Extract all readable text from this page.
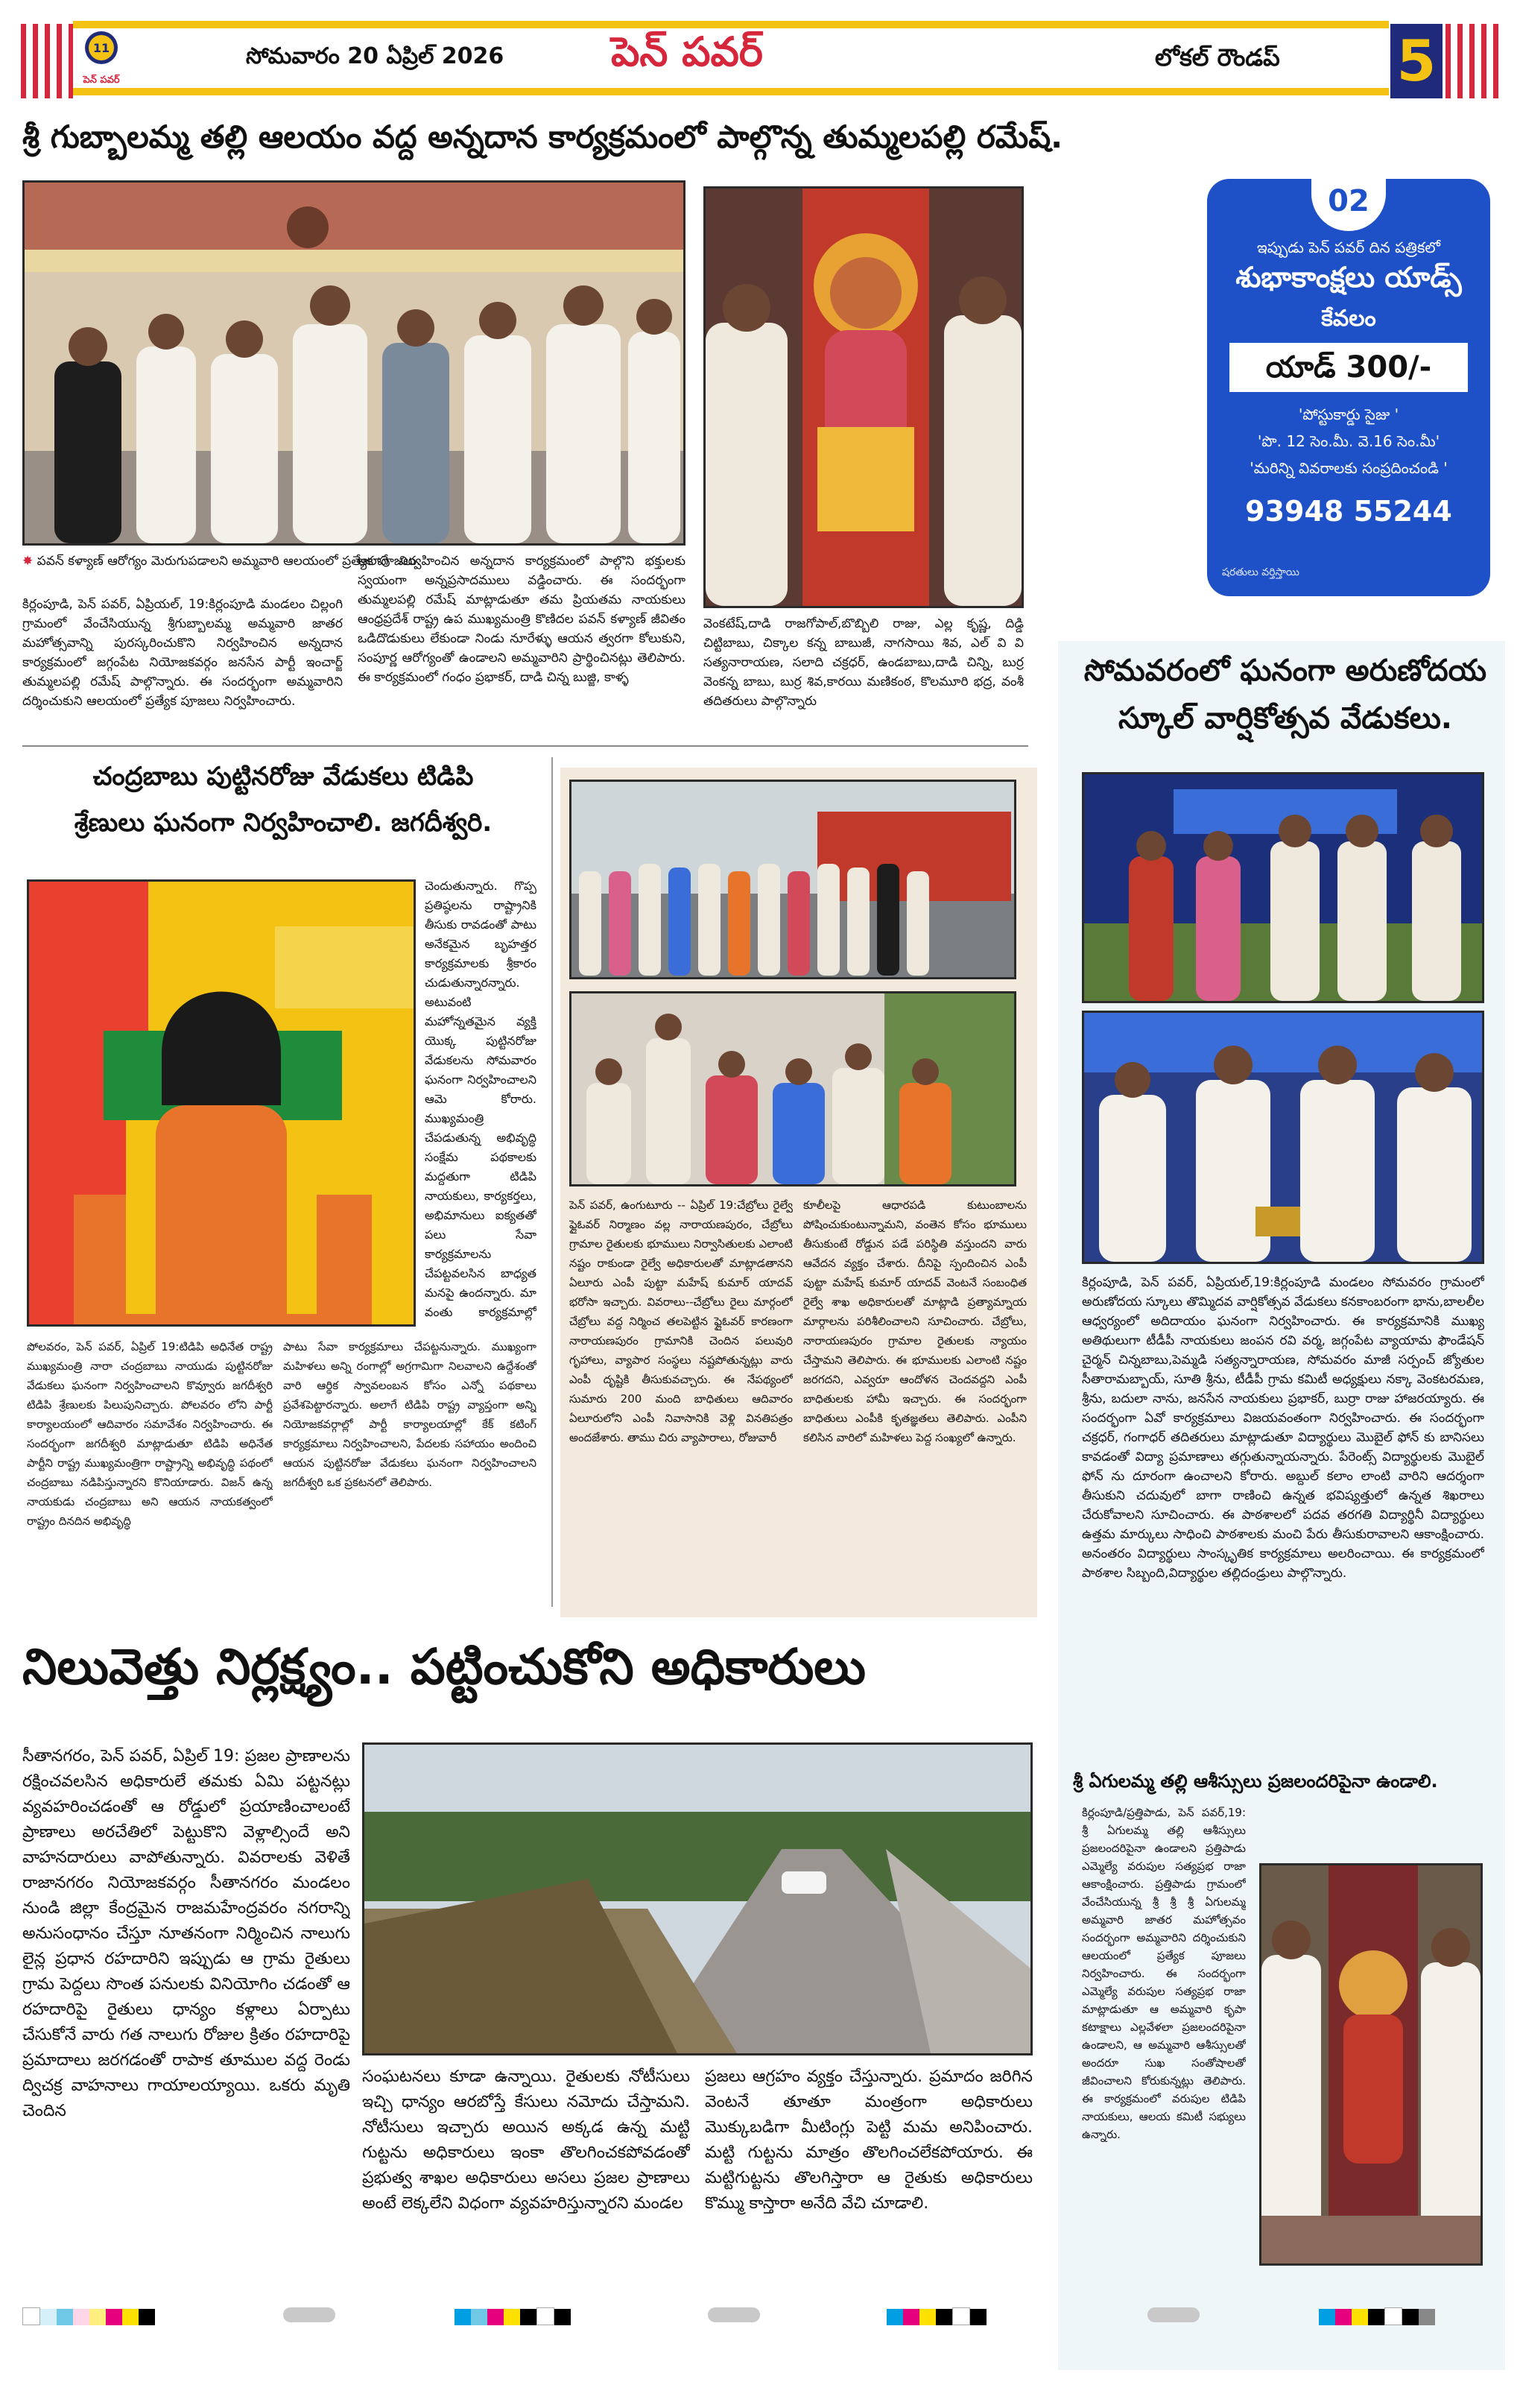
11
పెన్ పవర్
సోమవారం 20 ఏప్రిల్ 2026	పెన్ పవర్	లోకల్ రౌండప్ 5
శ్రీ గుబ్బాలమ్మ తల్లి ఆలయం వద్ద అన్నదాన కార్యక్రమంలో పాల్గొన్న తుమ్మలపల్లి రమేష్.
✸ పవన్ కళ్యాణ్ ఆరోగ్యం మెరుగుపడాలని అమ్మవారి ఆలయంలో ప్రత్యేక పూజలు.
కిర్లంపూడి, పెన్ పవర్, ఏప్రియల్, 19:కిర్లంపూడి మండలం చిల్లంగి గ్రామంలో వేంచేసియున్న శ్రీగుబ్బాలమ్మ అమ్మవారి జాతర మహోత్సవాన్ని పురస్కరించుకొని నిర్వహించిన అన్నదాన కార్యక్రమంలో జగ్గంపేట నియోజకవర్గం జనసేన పార్టీ ఇంచార్జ్ తుమ్మలపల్లి రమేష్ పాల్గొన్నారు. ఈ సందర్భంగా అమ్మవారిని దర్శించుకుని ఆలయంలో ప్రత్యేక పూజలు నిర్వహించారు.
ఆలాగే నిర్వహించిన అన్నదాన కార్యక్రమంలో పాల్గొని భక్తులకు స్వయంగా అన్నప్రసాదములు వడ్డించారు. ఈ సందర్భంగా తుమ్మలపల్లి రమేష్ మాట్లాడుతూ తమ ప్రియతమ నాయకులు ఆంధ్రప్రదేశ్ రాష్ట్ర ఉప ముఖ్యమంత్రి కొణిదల పవన్ కళ్యాణ్ జీవితం ఒడిదొడుకులు లేకుండా నిండు నూరేళ్ళు ఆయన త్వరగా కోలుకుని, సంపూర్ణ ఆరోగ్యంతో ఉండాలని అమ్మవారిని ప్రార్థించినట్లు తెలిపారు. ఈ కార్యక్రమంలో గంధం ప్రభాకర్, దాడి చిన్న బుజ్జి, కాళ్ళ
వెంకటేష్,దాడి రాజగోపాల్,బొబ్బిలి రాజు, ఎల్ల కృష్ణ, దిడ్డి చిట్టిబాబు, చిక్కాల కన్న బాబుజీ, నాగసాయి శివ, ఎల్ వి వి సత్యనారాయణ, సలాది చక్రధర్, ఉండబాబు,దాడి చిన్ని, బుర్ర వెంకన్న బాబు, బుర్ర శివ,కారయి మణికంఠ, కొలమూరి భద్ర, వంశీ తదితరులు పాల్గొన్నారు
02
ఇప్పుడు పెన్ పవర్ దిన పత్రికలో
శుభాకాంక్షలు యాడ్స్
కేవలం
యాడ్ 300/-
'పోస్టుకార్డు సైజు '
'పొ. 12 సెం.మీ. వె.16 సెం.మీ'
'మరిన్ని వివరాలకు సంప్రదించండి '
93948 55244
షరతులు వర్తిస్తాయి
సోమవరంలో ఘనంగా అరుణోదయ
స్కూల్ వార్షికోత్సవ వేడుకలు.
కిర్లంపూడి, పెన్ పవర్, ఏప్రియల్,19:కిర్లంపూడి మండలం సోమవరం గ్రామంలో అరుణోదయ స్కూలు తొమ్మిదవ వార్షికోత్సవ వేడుకలు కనకాంబరంగా భాను,బాలలీల ఆధ్వర్యంలో అదిదాయం ఘనంగా నిర్వహించారు. ఈ కార్యక్రమానికి ముఖ్య అతిథులుగా టీడీపీ నాయకులు జంపన రవి వర్మ, జగ్గంపేట వ్యాయామ ఫౌండేషన్ చైర్మన్ చిన్నబాబు,పెమ్మడి సత్యన్నారాయణ, సోమవరం మాజీ సర్పంచ్ జ్యోతుల సీతారామబ్బాయ్, సూతి శ్రీను, టీడీపీ గ్రామ కమిటీ అధ్యక్షులు నక్కా వెంకటరమణ, శ్రీను, బదులా నాను, జనసేన నాయకులు ప్రభాకర్, బుర్రా రాజు హాజరయ్యారు. ఈ సందర్భంగా ఏవో కార్యక్రమాలు విజయవంతంగా నిర్వహించారు. ఈ సందర్భంగా చక్రధర్, గంగాధర్ తదితరులు మాట్లాడుతూ విద్యార్థులు మొబైల్ ఫోన్ కు బానిసలు కావడంతో విద్యా ప్రమాణాలు తగ్గుతున్నాయన్నారు. పేరెంట్స్ విద్యార్థులకు మొబైల్ ఫోన్ ను దూరంగా ఉంచాలని కోరారు. అబ్దుల్ కలాం లాంటి వారిని ఆదర్శంగా తీసుకుని చదువులో బాగా రాణించి ఉన్నత భవిష్యత్తులో ఉన్నత శిఖరాలు చేరుకోవాలని సూచించారు. ఈ పాఠశాలలో పదవ తరగతి విద్యార్థినీ విద్యార్థులు ఉత్తమ మార్కులు సాధించి పాఠశాలకు మంచి పేరు తీసుకురావాలని ఆకాంక్షించారు. అనంతరం విద్యార్థులు సాంస్కృతిక కార్యక్రమాలు అలరించాయి. ఈ కార్యక్రమంలో పాఠశాల సిబ్బంది,విద్యార్థుల తల్లిదండ్రులు పాల్గొన్నారు.
శ్రీ ఏగులమ్మ తల్లి ఆశీస్సులు ప్రజలందరిపైనా ఉండాలి.
కిర్లంపూడి/ప్రత్తిపాడు, పెన్ పవర్,19: శ్రీ ఏగులమ్మ తల్లి ఆశీస్సులు ప్రజలందరిపైనా ఉండాలని ప్రత్తిపాడు ఎమ్మెల్యే వరుపుల సత్యప్రభ రాజా ఆకాంక్షించారు. ప్రత్తిపాడు గ్రామంలో వేంచేసియున్న శ్రీ శ్రీ శ్రీ ఏగులమ్మ అమ్మవారి జాతర మహోత్సవం సందర్భంగా అమ్మవారిని దర్శించుకుని ఆలయంలో ప్రత్యేక పూజలు నిర్వహించారు. ఈ సందర్భంగా ఎమ్మెల్యే వరుపుల సత్యప్రభ రాజా మాట్లాడుతూ ఆ అమ్మవారి కృపా కటాక్షాలు ఎల్లవేళలా ప్రజలందరిపైనా ఉండాలని, ఆ అమ్మవారి ఆశీస్సులతో అందరూ సుఖ సంతోషాలతో జీవించాలని కోరుకున్నట్లు తెలిపారు. ఈ కార్యక్రమంలో వరుపుల టిడిపి నాయకులు, ఆలయ కమిటీ సభ్యులు ఉన్నారు.
చంద్రబాబు పుట్టినరోజు వేడుకలు టిడిపి
శ్రేణులు ఘనంగా నిర్వహించాలి. జగదీశ్వరి.
చెందుతున్నారు. గొప్ప ప్రతిష్ఠలను రాష్ట్రానికి తీసుకు రావడంతో పాటు అనేకమైన బృహత్తర కార్యక్రమాలకు శ్రీకారం చుడుతున్నారన్నారు. అటువంటి మహోన్నతమైన వ్యక్తి యొక్క పుట్టినరోజు వేడుకలను సోమవారం ఘనంగా నిర్వహించాలని ఆమె కోరారు. ముఖ్యమంత్రి చేపడుతున్న అభివృద్ధి సంక్షేమ పథకాలకు మద్దతుగా టిడిపి నాయకులు, కార్యకర్తలు, అభిమానులు ఐక్యతతో పలు సేవా కార్యక్రమాలను చేపట్టవలసిన బాధ్యత మనపై ఉందన్నారు. మా వంతు కార్యక్రమాల్లో
పోలవరం, పెన్ పవర్, ఏప్రిల్ 19:టిడిపి అధినేత రాష్ట్ర ముఖ్యమంత్రి నారా చంద్రబాబు నాయుడు పుట్టినరోజు వేడుకలు ఘనంగా నిర్వహించాలని కొవ్వూరు జగదీశ్వరి టిడిపి శ్రేణులకు పిలుపునిచ్చారు. పోలవరం లోని పార్టీ కార్యాలయంలో ఆదివారం సమావేశం నిర్వహించారు. ఈ సందర్భంగా జగదీశ్వరి మాట్లాడుతూ టిడిపి అధినేత పార్టీని రాష్ట్ర ముఖ్యమంత్రిగా రాష్ట్రాన్ని అభివృద్ధి పథంలో చంద్రబాబు నడిపిస్తున్నారని కొనియాడారు. విజన్ ఉన్న నాయకుడు చంద్రబాబు అని ఆయన నాయకత్వంలో రాష్ట్రం దినదిన అభివృద్ధి
పాటు సేవా కార్యక్రమాలు చేపట్టనున్నారు. ముఖ్యంగా మహిళలు అన్ని రంగాల్లో అగ్రగామిగా నిలవాలని ఉద్దేశంతో వారి ఆర్థిక స్వావలంబన కోసం ఎన్నో పథకాలు ప్రవేశపెట్టారన్నారు. అలాగే టిడిపి రాష్ట్ర వ్యాప్తంగా అన్ని నియోజకవర్గాల్లో పార్టీ కార్యాలయాల్లో కేక్ కటింగ్ కార్యక్రమాలు నిర్వహించాలని, పేదలకు సహాయం అందించి ఆయన పుట్టినరోజు వేడుకలు ఘనంగా నిర్వహించాలని జగదీశ్వరి ఒక ప్రకటనలో తెలిపారు.
పెన్ పవర్, ఉంగుటూరు -- ఏప్రిల్ 19:చేబ్రోలు రైల్వే ఫ్లైఓవర్ నిర్మాణం వల్ల నారాయణపురం, చేబ్రోలు గ్రామాల రైతులకు భూములు నిర్వాసితులకు ఎలాంటి నష్టం రాకుండా రైల్వే అధికారులతో మాట్లాడతానని ఏలూరు ఎంపీ పుట్టా మహేష్ కుమార్ యాదవ్ భరోసా ఇచ్చారు. వివరాలు--చేబ్రోలు రైలు మార్గంలో చేబ్రోలు వద్ద నిర్మించ తలపెట్టిన ఫ్లైఓవర్ కారణంగా నారాయణపురం గ్రామానికి చెందిన పలువురి గృహాలు, వ్యాపార సంస్థలు నష్టపోతున్నట్లు వారు ఎంపీ దృష్టికి తీసుకువచ్చారు. ఈ నేపథ్యంలో సుమారు 200 మంది బాధితులు ఆదివారం ఏలూరులోని ఎంపీ నివాసానికి వెళ్లి వినతిపత్రం అందజేశారు. తాము చిరు వ్యాపారాలు, రోజువారీ
కూలీలపై ఆధారపడి కుటుంబాలను పోషించుకుంటున్నామని, వంతెన కోసం భూములు తీసుకుంటే రోడ్డున పడే పరిస్థితి వస్తుందని వారు ఆవేదన వ్యక్తం చేశారు. దీనిపై స్పందించిన ఎంపీ పుట్టా మహేష్ కుమార్ యాదవ్ వెంటనే సంబంధిత రైల్వే శాఖ అధికారులతో మాట్లాడి ప్రత్యామ్నాయ మార్గాలను పరిశీలించాలని సూచించారు. చేబ్రోలు, నారాయణపురం గ్రామాల రైతులకు న్యాయం చేస్తామని తెలిపారు. ఈ భూములకు ఎలాంటి నష్టం జరగదని, ఎవ్వరూ ఆందోళన చెందవద్దని ఎంపీ బాధితులకు హామీ ఇచ్చారు. ఈ సందర్భంగా బాధితులు ఎంపీకి కృతజ్ఞతలు తెలిపారు. ఎంపీని కలిసిన వారిలో మహిళలు పెద్ద సంఖ్యలో ఉన్నారు.
నిలువెత్తు నిర్లక్ష్యం.. పట్టించుకోని అధికారులు
సీతానగరం, పెన్ పవర్, ఏప్రిల్ 19: ప్రజల ప్రాణాలను రక్షించవలసిన అధికారులే తమకు ఏమి పట్టనట్లు వ్యవహరించడంతో ఆ రోడ్డులో ప్రయాణించాలంటే ప్రాణాలు అరచేతిలో పెట్టుకొని వెళ్లాల్సిందే అని వాహనదారులు వాపోతున్నారు. వివరాలకు వెళితే రాజానగరం నియోజకవర్గం సీతానగరం మండలం నుండి జిల్లా కేంద్రమైన రాజమహేంద్రవరం నగరాన్ని అనుసంధానం చేస్తూ నూతనంగా నిర్మించిన నాలుగు లైన్ల ప్రధాన రహదారిని ఇప్పుడు ఆ గ్రామ రైతులు గ్రామ పెద్దలు సొంత పనులకు వినియోగిం చడంతో ఆ రహదారిపై రైతులు ధాన్యం కళ్లాలు ఏర్పాటు చేసుకోనే వారు గత నాలుగు రోజుల క్రితం రహదారిపై ప్రమాదాలు జరగడంతో రాపాక తూముల వద్ద రెండు ద్విచక్ర వాహనాలు గాయాలయ్యాయి. ఒకరు మృతి చెందిన
సంఘటనలు కూడా ఉన్నాయి. రైతులకు నోటీసులు ఇచ్చి ధాన్యం ఆరబోస్తే కేసులు నమోదు చేస్తామని. నోటీసులు ఇచ్చారు అయిన అక్కడ ఉన్న మట్టి గుట్టను అధికారులు ఇంకా తొలగించకపోవడంతో ప్రభుత్వ శాఖల అధికారులు అసలు ప్రజల ప్రాణాలు అంటే లెక్కలేని విధంగా వ్యవహరిస్తున్నారని మండల
ప్రజలు ఆగ్రహం వ్యక్తం చేస్తున్నారు. ప్రమాదం జరిగిన వెంటనే తూతూ మంత్రంగా అధికారులు మొక్కుబడిగా మీటింగ్లు పెట్టి మమ అనిపించారు. మట్టి గుట్టను మాత్రం తొలగించలేకపోయారు. ఈ మట్టిగుట్టను తొలగిస్తారా ఆ రైతుకు అధికారులు కొమ్ము కాస్తారా అనేది వేచి చూడాలి.
